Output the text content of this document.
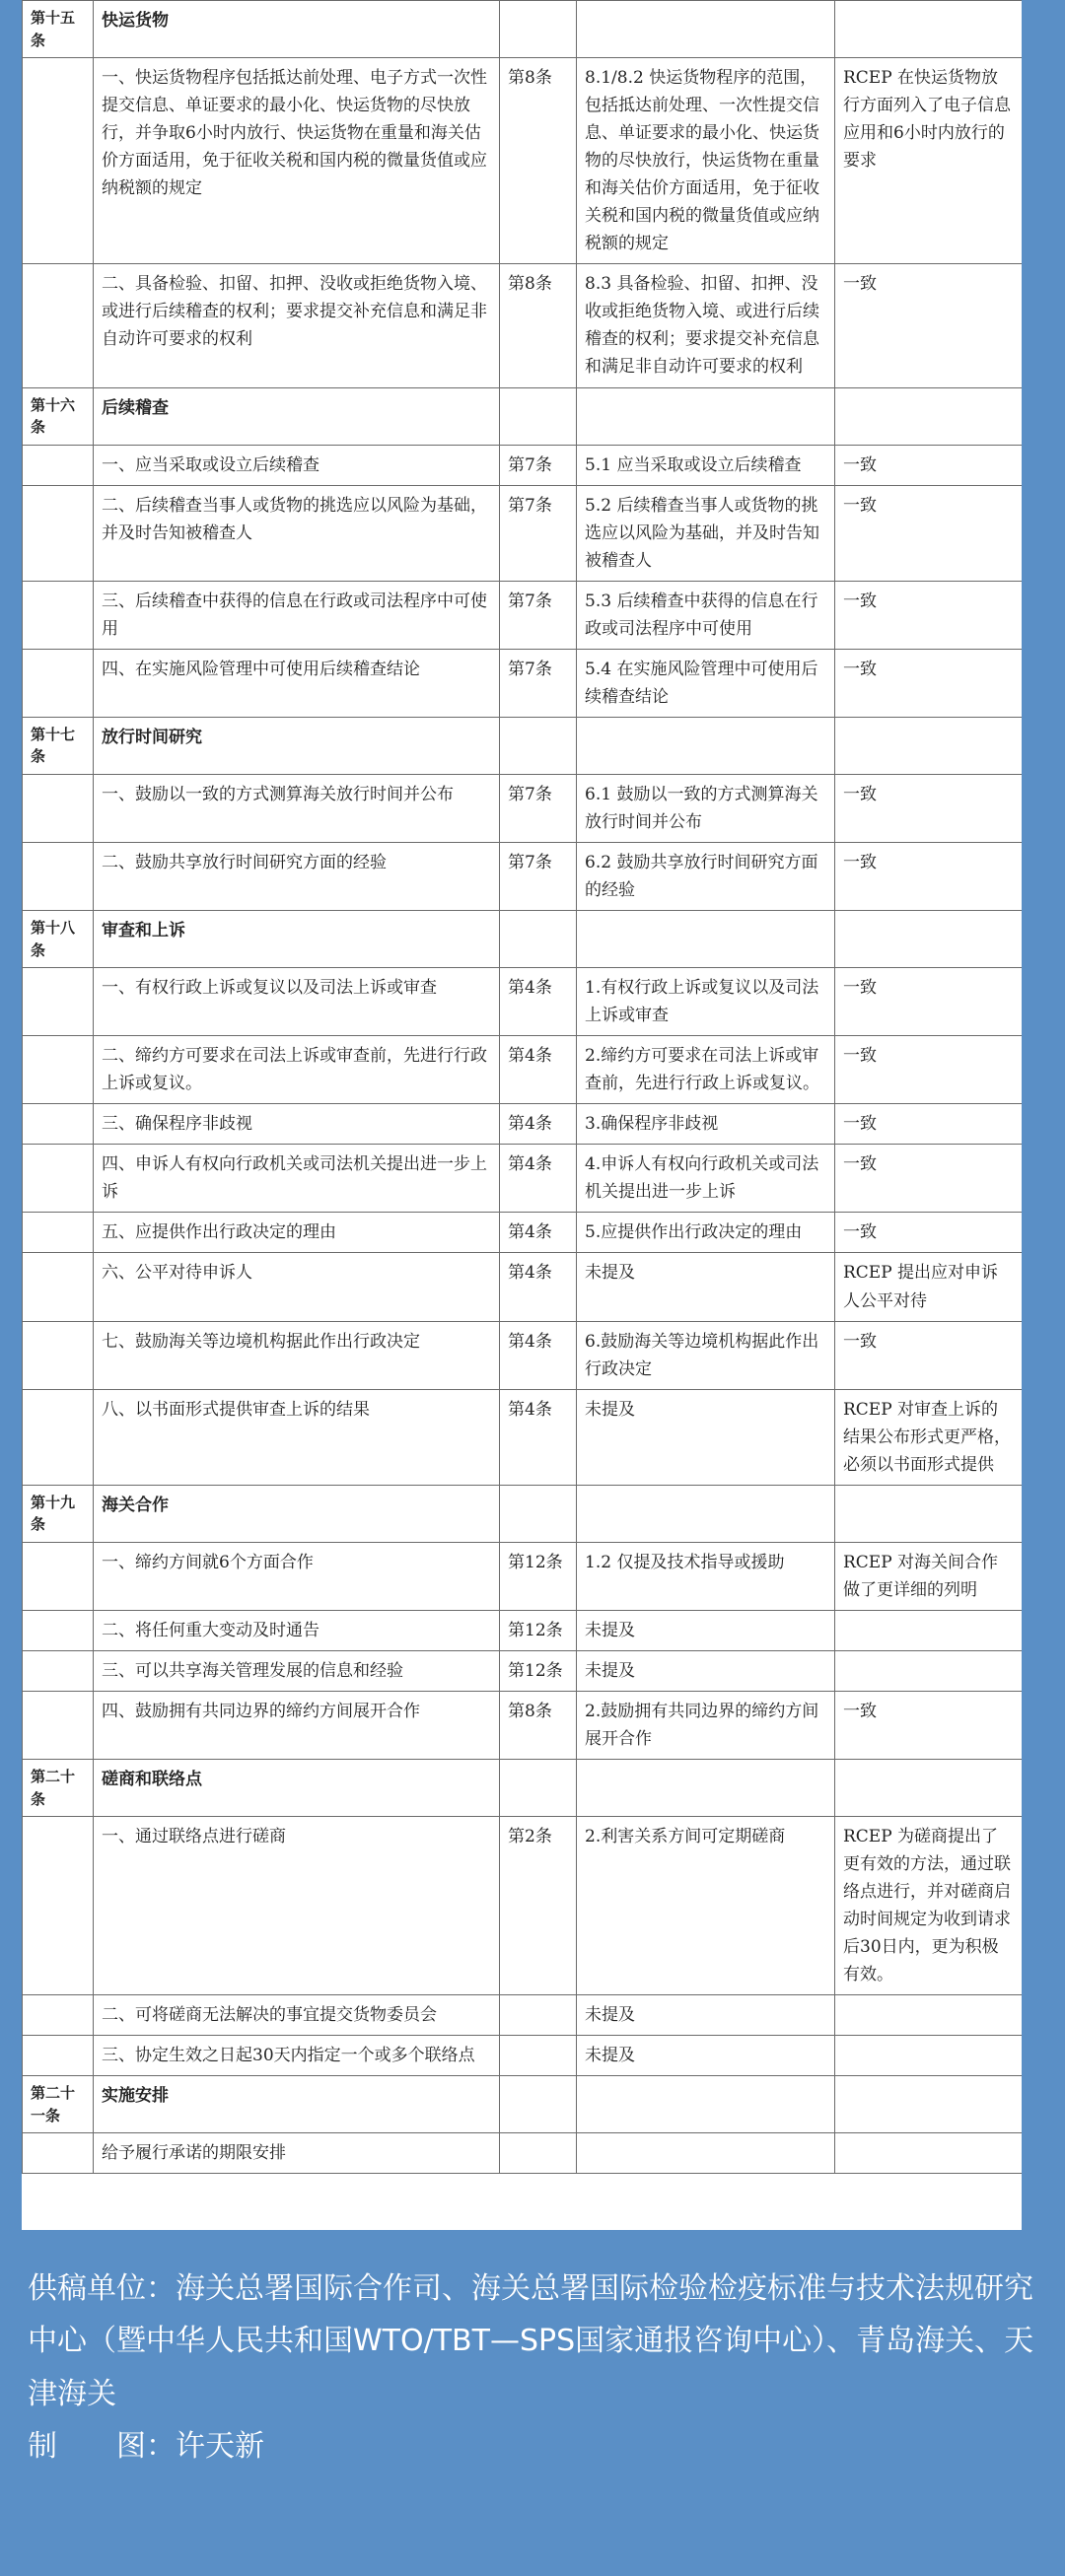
第十五条	快运货物			
	一、快运货物程序包括抵达前处理、电子方式一次性提交信息、单证要求的最小化、快运货物的尽快放行，并争取6小时内放行、快运货物在重量和海关估价方面适用，免于征收关税和国内税的微量货值或应纳税额的规定	第8条	8.1/8.2 快运货物程序的范围，包括抵达前处理、一次性提交信息、单证要求的最小化、快运货物的尽快放行，快运货物在重量和海关估价方面适用，免于征收关税和国内税的微量货值或应纳税额的规定	RCEP 在快运货物放行方面列入了电子信息应用和6小时内放行的要求
	二、具备检验、扣留、扣押、没收或拒绝货物入境、或进行后续稽查的权利；要求提交补充信息和满足非自动许可要求的权利	第8条	8.3 具备检验、扣留、扣押、没收或拒绝货物入境、或进行后续稽查的权利；要求提交补充信息和满足非自动许可要求的权利	一致
第十六条	后续稽查			
	一、应当采取或设立后续稽查	第7条	5.1 应当采取或设立后续稽查	一致
	二、后续稽查当事人或货物的挑选应以风险为基础，并及时告知被稽查人	第7条	5.2 后续稽查当事人或货物的挑选应以风险为基础，并及时告知被稽查人	一致
	三、后续稽查中获得的信息在行政或司法程序中可使用	第7条	5.3 后续稽查中获得的信息在行政或司法程序中可使用	一致
	四、在实施风险管理中可使用后续稽查结论	第7条	5.4 在实施风险管理中可使用后续稽查结论	一致
第十七条	放行时间研究			
	一、鼓励以一致的方式测算海关放行时间并公布	第7条	6.1 鼓励以一致的方式测算海关放行时间并公布	一致
	二、鼓励共享放行时间研究方面的经验	第7条	6.2 鼓励共享放行时间研究方面的经验	一致
第十八条	审查和上诉			
	一、有权行政上诉或复议以及司法上诉或审查	第4条	1.有权行政上诉或复议以及司法上诉或审查	一致
	二、缔约方可要求在司法上诉或审查前，先进行行政上诉或复议。	第4条	2.缔约方可要求在司法上诉或审查前，先进行行政上诉或复议。	一致
	三、确保程序非歧视	第4条	3.确保程序非歧视	一致
	四、申诉人有权向行政机关或司法机关提出进一步上诉	第4条	4.申诉人有权向行政机关或司法机关提出进一步上诉	一致
	五、应提供作出行政决定的理由	第4条	5.应提供作出行政决定的理由	一致
	六、公平对待申诉人	第4条	未提及	RCEP 提出应对申诉人公平对待
	七、鼓励海关等边境机构据此作出行政决定	第4条	6.鼓励海关等边境机构据此作出行政决定	一致
	八、以书面形式提供审查上诉的结果	第4条	未提及	RCEP 对审查上诉的结果公布形式更严格，必须以书面形式提供
第十九条	海关合作			
	一、缔约方间就6个方面合作	第12条	1.2 仅提及技术指导或援助	RCEP 对海关间合作做了更详细的列明
	二、将任何重大变动及时通告	第12条	未提及	
	三、可以共享海关管理发展的信息和经验	第12条	未提及	
	四、鼓励拥有共同边界的缔约方间展开合作	第8条	2.鼓励拥有共同边界的缔约方间展开合作	一致
第二十条	磋商和联络点			
	一、通过联络点进行磋商	第2条	2.利害关系方间可定期磋商	RCEP 为磋商提出了更有效的方法，通过联络点进行，并对磋商启动时间规定为收到请求后30日内，更为积极有效。
	二、可将磋商无法解决的事宜提交货物委员会		未提及	
	三、协定生效之日起30天内指定一个或多个联络点		未提及	
第二十一条	实施安排			
	给予履行承诺的期限安排			

供稿单位：海关总署国际合作司、海关总署国际检验检疫标准与技术法规研究中心（暨中华人民共和国WTO/TBT—SPS国家通报咨询中心）、青岛海关、天津海关

制　　图：许天新
